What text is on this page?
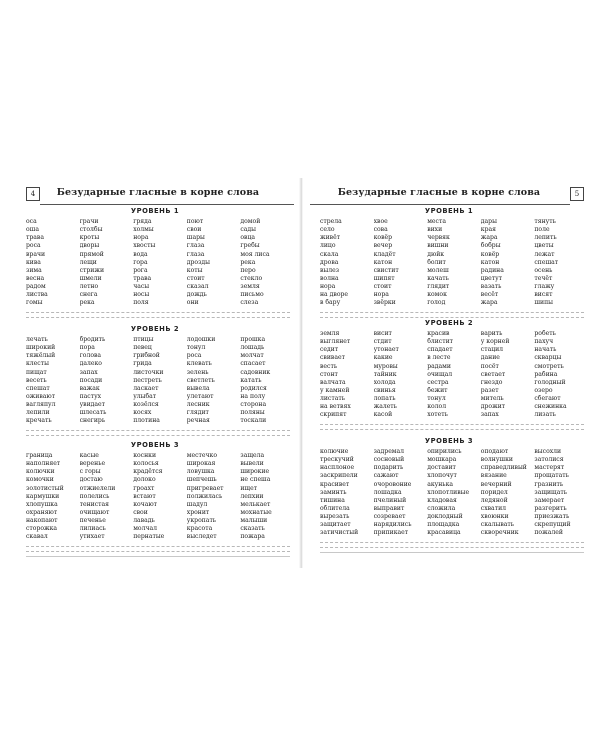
4	Безударные гласные в корне слова
УРОВЕНЬ 1
оса
оша
трава
роса
врачи
кива
зима
весна
радом
листва
гомы
грачи
столбы
кроты
дворы
прямой
лещи
стрижи
шмели
летно
снега
река
грядa
холмы
нора
хвосты
вода
гора
рога
трава
часы
носы
поля
поют
свои
шары
глаза
глаза
дрозды
коты
стоит
сказал
дождь
они
домой
сады
овца
гребы
моя лиса
река
перо
стекло
земля
письмо
слеза
УРОВЕНЬ 2
лечать
широкий
тяжёлый
клесты
пищат
весеть
спешат
оживают
вагляпул
лепили
кречать
бродить
пора
голова
далеко
запах
посади
важак
пастух
увидает
шлесать
снегирь
птицы
певец
грибной
грида
листочки
пестреть
ласкает
улыбат
козёлся
косях
плотина
лодошки
тонул
роса
клевать
зелень
светлеть
вывела
улетают
лесник
глядит
речная
прошка
лошадь
молчат
спасает
садовник
катать
родился
на полу
сторона
поляны
тоскали
УРОВЕНЬ 3
границa
наполняет
колючки
комочки
золотистый
кармушки
хлопушка
охраняют
накопают
сторожка
скавал
касые
веренье
с горы
достаю
отжиелели
полелись
тенистая
очищают
печенье
лилиась
утихает
коснки
колосья
крадётся
долоко
гроахт
встают
кочают
свои
лавадь
молчал
пернатые
местечко
широкая
ловушка
шепчешь
пригревает
полжилась
шадул
хронит
укропать
красота
выследет
защела
вывели
широкие
не спеша
ищет
лепхии
мелькает
мохнатые
малыши
сказать
пожара
Безударные гласные в корне слова	5
УРОВЕНЬ 1
стрела
село
живёт
лицо
скала
дрова
вылез
волна
нора
на дворе
в бару
хвое
сова
ковёр
вечер
кладёт
катон
свистит
шипят
стоит
нора
звёрки
места
вихи
червяк
вишни
дюйк
болит
молеш
качать
глядит
комок
голод
дары
края
жара
бобры
ковёр
катон
радина
цветут
вазать
весёт
жара
тянуть
поле
лепить
цветы
лежат
спешат
осень
течёт
глажу
висят
шипы
УРОВЕНЬ 2
земля
выглянет
седит
свивает
весть
стонт
валчата
у камней
листать
на ветвях
скрипят
висит
стдит
утонает
какие
муровы
тайник
холода
свинья
лопать
жалеть
касой
красив
блистит
спадает
в лесте
радами
очищал
сестра
бежит
тонул
колол
хотеть
варить
у корней
стацил
дание
посёт
светает
гнездо
разет
митель
дрожит
запах
робеть
пахуч
начать
скварцы
смотреть
рабина
голодный
озеро
сбегают
снежинка
лизать
УРОВЕНЬ 3
колючие
трескучий
насплоное
заскрипели
красивет
заминть
тишина
облитела
вырезать
защитает
затичистый
задремал
сосновый
подарить
сажают
очоровоние
лошадка
пчелиный
выправит
созревает
нарядились
припикает
опирились
мошкара
доставит
хлопочут
акунька
хлопотливые
кладовая
сложила
доклодный
площадка
красавица
оподают
волнушки
справедливый
вязание
вечерний
поридел
ледяной
схватил
хвоюнки
скалывать
скворечник
высохли
затолися
мастерят
прощатать
гразнить
защищать
замерает
разгерить
приезжать
скрепущий
пожалей
